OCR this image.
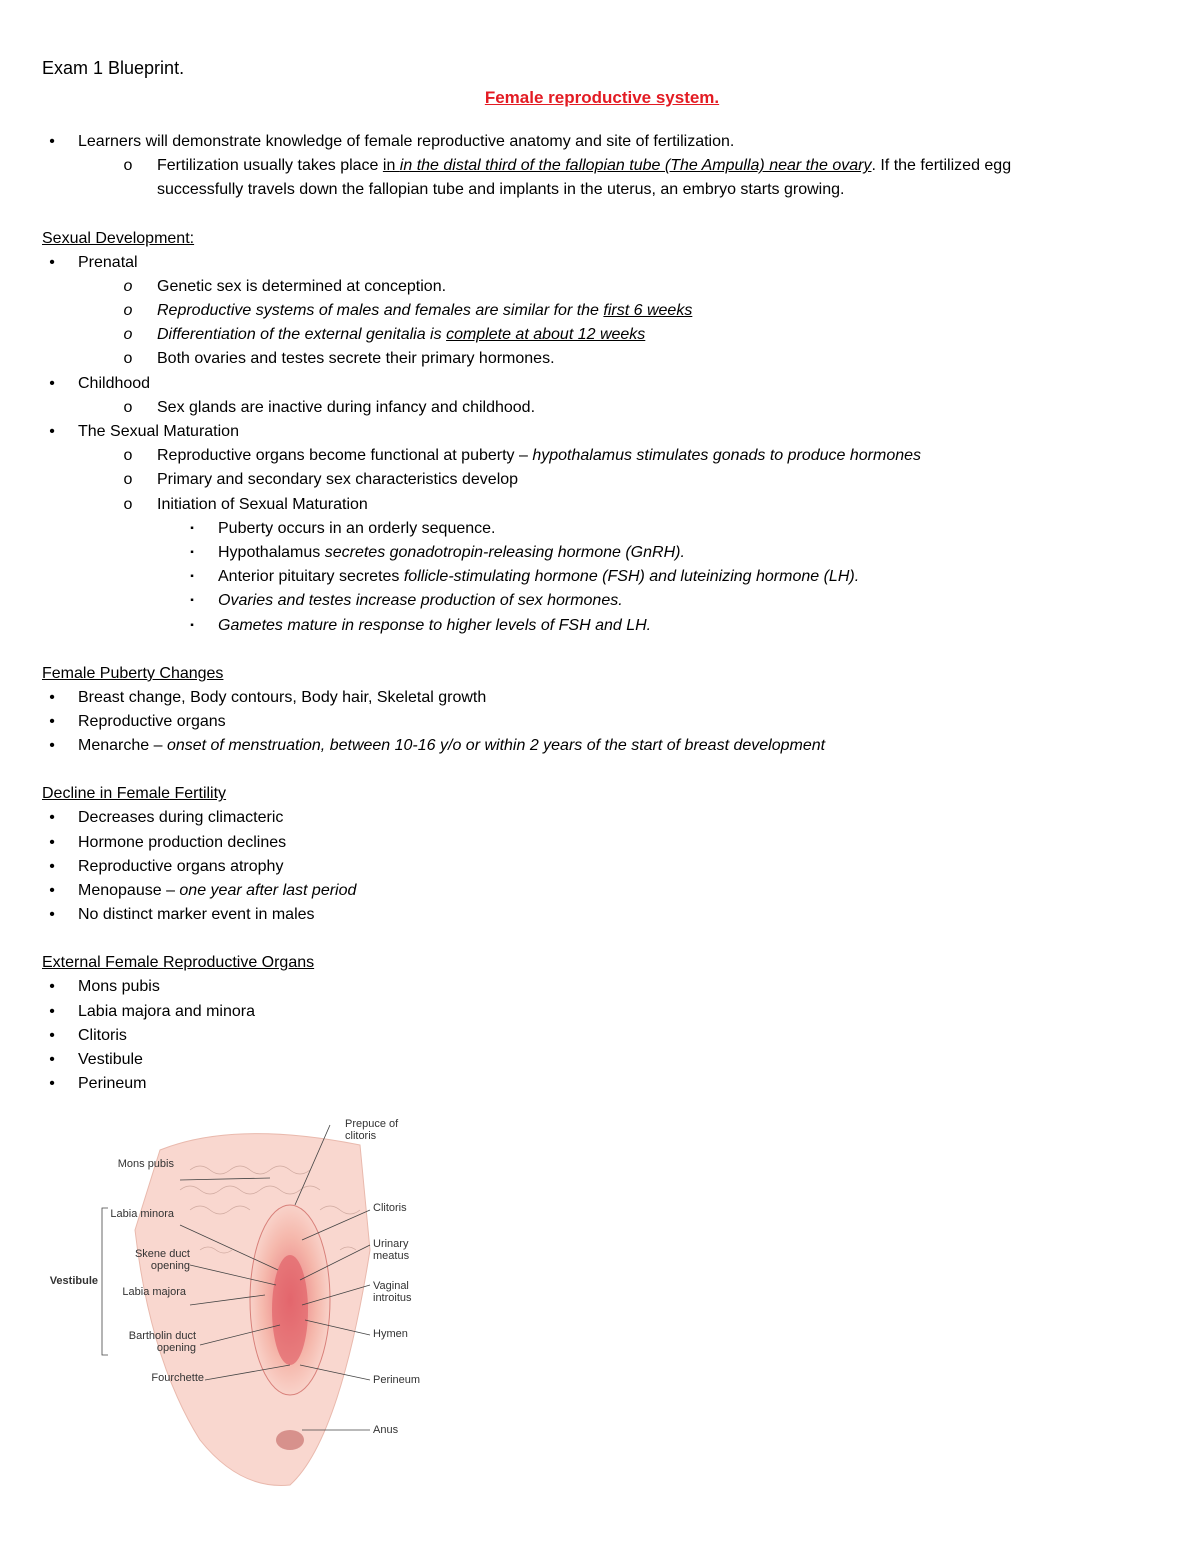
Exam 1 Blueprint.
Female reproductive system.
•	Learners will demonstrate knowledge of female reproductive anatomy and site of fertilization.
o	Fertilization usually takes place in in the distal third of the fallopian tube (The Ampulla) near the ovary. If the fertilized egg
successfully travels down the fallopian tube and implants in the uterus, an embryo starts growing.
Sexual Development:
•	Prenatal
o	Genetic sex is determined at conception.
o	Reproductive systems of males and females are similar for the first 6 weeks
o	Differentiation of the external genitalia is complete at about 12 weeks
o	Both ovaries and testes secrete their primary hormones.
•	Childhood
o	Sex glands are inactive during infancy and childhood.
•	The Sexual Maturation
o	Reproductive organs become functional at puberty – hypothalamus stimulates gonads to produce hormones
o	Primary and secondary sex characteristics develop
o	Initiation of Sexual Maturation
▪	Puberty occurs in an orderly sequence.
▪	Hypothalamus secretes gonadotropin-releasing hormone (GnRH).
▪	Anterior pituitary secretes follicle-stimulating hormone (FSH) and luteinizing hormone (LH).
▪	Ovaries and testes increase production of sex hormones.
▪	Gametes mature in response to higher levels of FSH and LH.
Female Puberty Changes
•	Breast change, Body contours, Body hair, Skeletal growth
•	Reproductive organs
•	Menarche – onset of menstruation, between 10-16 y/o or within 2 years of the start of breast development
Decline in Female Fertility
•	Decreases during climacteric
•	Hormone production declines
•	Reproductive organs atrophy
•	Menopause – one year after last period
•	No distinct marker event in males
External Female Reproductive Organs
•	Mons pubis
•	Labia majora and minora
•	Clitoris
•	Vestibule
•	Perineum
Mons pubis
Labia minora
Skene duct opening
Labia majora
Bartholin duct opening
Fourchette
Vestibule
Prepuce of clitoris
Clitoris
Urinary meatus
Vaginal introitus
Hymen
Perineum
Anus
